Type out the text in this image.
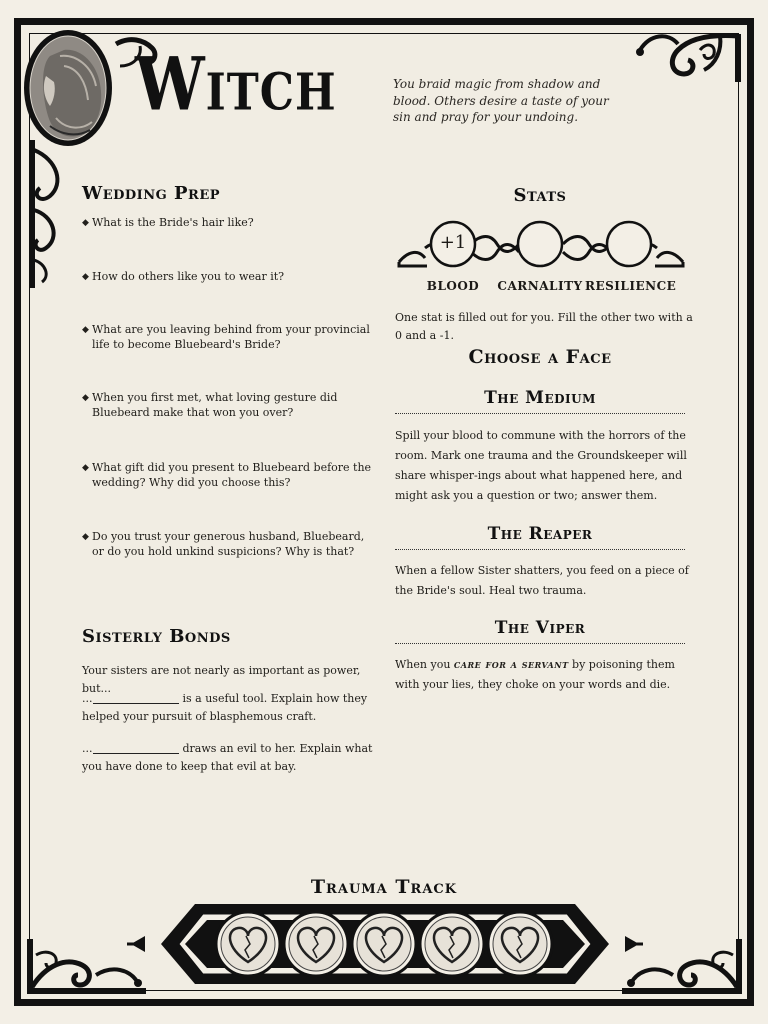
Witch	You braid magic from shadow and blood. Others desire a taste of your sin and pray for your undoing.
Wedding Prep
◆ What is the Bride's hair like?
◆ How do others like you to wear it?
◆ What are you leaving behind from your provincial life to become Bluebeard's Bride?
◆ When you first met, what loving gesture did Bluebeard make that won you over?
◆ What gift did you present to Bluebeard before the wedding? Why did you choose this?
◆ Do you trust your generous husband, Bluebeard, or do you hold unkind suspicions? Why is that?
Sisterly Bonds
Your sisters are not nearly as important as power, but...
...	is a useful tool. Explain how they helped your pursuit of blasphemous craft.
...	draws an evil to her. Explain what you have done to keep that evil at bay.
Stats
+1
BLOOD	CARNALITY RESILIENCE
One stat is filled out for you. Fill the other two with a 0 and a -1.
Choose a Face
The Medium
Spill your blood to commune with the horrors of the room. Mark one trauma and the Groundskeeper will share whisper-ings about what happened here, and might ask you a question or two; answer them.
The Reaper
When a fellow Sister shatters, you feed on a piece of the Bride's soul. Heal two trauma.
The Viper
When you care for a servant by poisoning them with your lies, they choke on your words and die.
Trauma Track
